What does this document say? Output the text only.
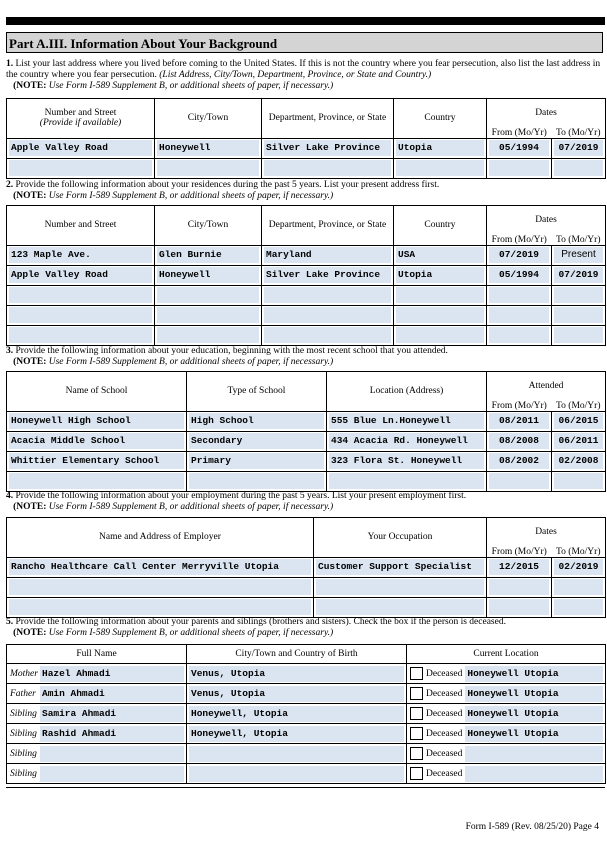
Part A.III. Information About Your Background
1. List your last address where you lived before coming to the United States. If this is not the country where you fear persecution, also list the last address in the country where you fear persecution. (List Address, City/Town, Department, Province, or State and Country.)
(NOTE: Use Form I-589 Supplement B, or additional sheets of paper, if necessary.)
Number and Street
(Provide if available)	City/Town	Department, Province, or State	Country	Dates	
				From (Mo/Yr)	To (Mo/Yr)

Apple Valley Road	Honeywell	Silver Lake Province	Utopia	05/1994	07/2019

2. Provide the following information about your residences during the past 5 years. List your present address first.
(NOTE: Use Form I-589 Supplement B, or additional sheets of paper, if necessary.)
Number and Street	City/Town	Department, Province, or State	Country	Dates	
				From (Mo/Yr)	To (Mo/Yr)

123 Maple Ave.	Glen Burnie	Maryland	USA	07/2019	Present

Apple Valley Road	Honeywell	Silver Lake Province	Utopia	05/1994	07/2019

3. Provide the following information about your education, beginning with the most recent school that you attended.
(NOTE: Use Form I-589 Supplement B, or additional sheets of paper, if necessary.)
Name of School	Type of School	Location (Address)	Attended	
			From (Mo/Yr)	To (Mo/Yr)

Honeywell High School	High School	555 Blue Ln.Honeywell	08/2011	06/2015

Acacia Middle School	Secondary	434 Acacia Rd. Honeywell	08/2008	06/2011

Whittier Elementary School	Primary	323 Flora St. Honeywell	08/2002	02/2008

4. Provide the following information about your employment during the past 5 years. List your present employment first.
(NOTE: Use Form I-589 Supplement B, or additional sheets of paper, if necessary.)
Name and Address of Employer	Your Occupation	Dates	
		From (Mo/Yr)	To (Mo/Yr)

Rancho Healthcare Call Center Merryville Utopia	Customer Support Specialist	12/2015	02/2019

5. Provide the following information about your parents and siblings (brothers and sisters). Check the box if the person is deceased.
(NOTE: Use Form I-589 Supplement B, or additional sheets of paper, if necessary.)
Full Name	City/Town and Country of Birth	Current Location

Mother Hazel Ahmadi	Venus, Utopia	Deceased Honeywell Utopia

Father Amin Ahmadi	Venus, Utopia	Deceased Honeywell Utopia

Sibling Samira Ahmadi	Honeywell, Utopia	Deceased Honeywell Utopia

Sibling Rashid Ahmadi	Honeywell, Utopia	Deceased Honeywell Utopia

Sibling		Deceased

Sibling		Deceased
Form I-589 (Rev. 08/25/20) Page 4
